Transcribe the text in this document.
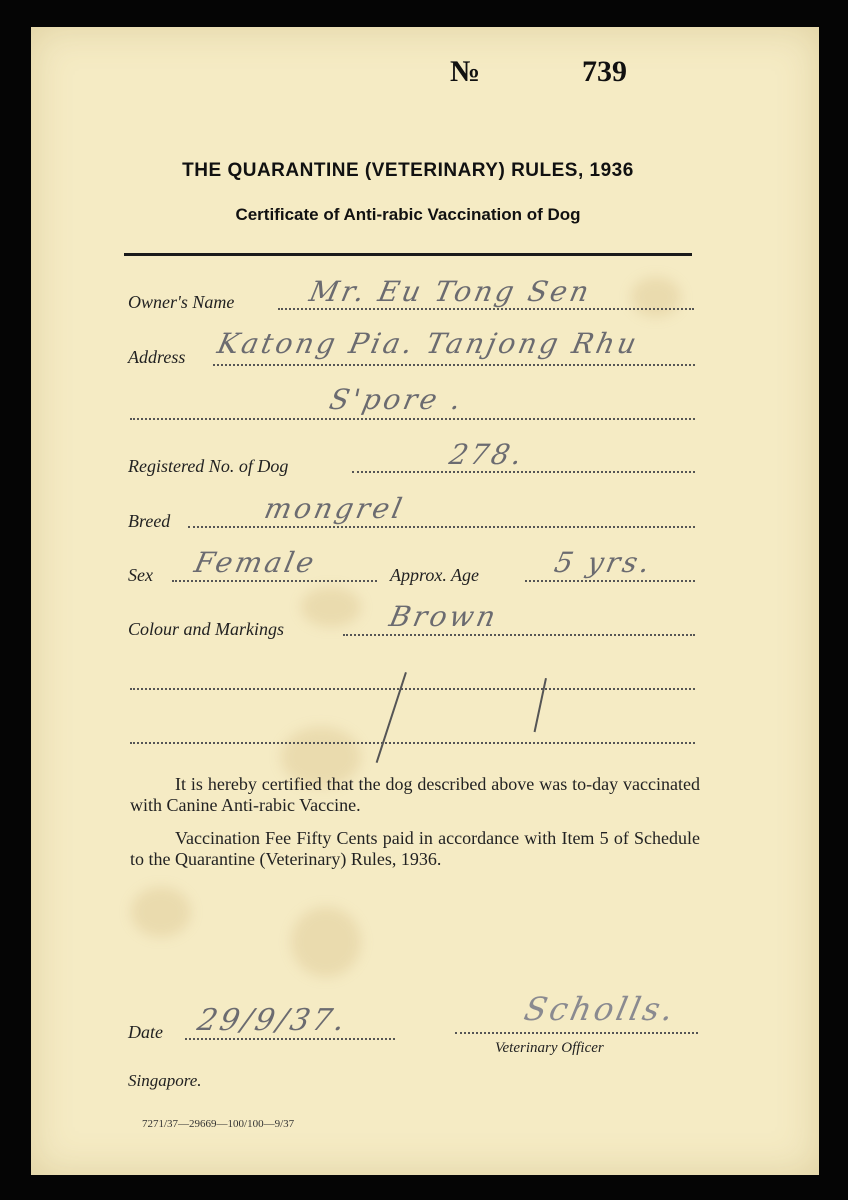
№	739
THE QUARANTINE (VETERINARY) RULES, 1936
Certificate of Anti-rabic Vaccination of Dog
Owner's Name	Mr. Eu Tong Sen
Address Katong Pia. Tanjong Rhu
S'pore .
Registered No. of Dog	278.
Breed	mongrel
Sex Female	Approx. Age	5 yrs.
Colour and Markings	Brown
It is hereby certified that the dog described above was to-day vaccinated with Canine Anti-rabic Vaccine.
Vaccination Fee Fifty Cents paid in accordance with Item 5 of Schedule to the Quarantine (Veterinary) Rules, 1936.
Date 29/9/37.	Scholls.
Veterinary Officer
Singapore.
7271/37—29669—100/100—9/37
